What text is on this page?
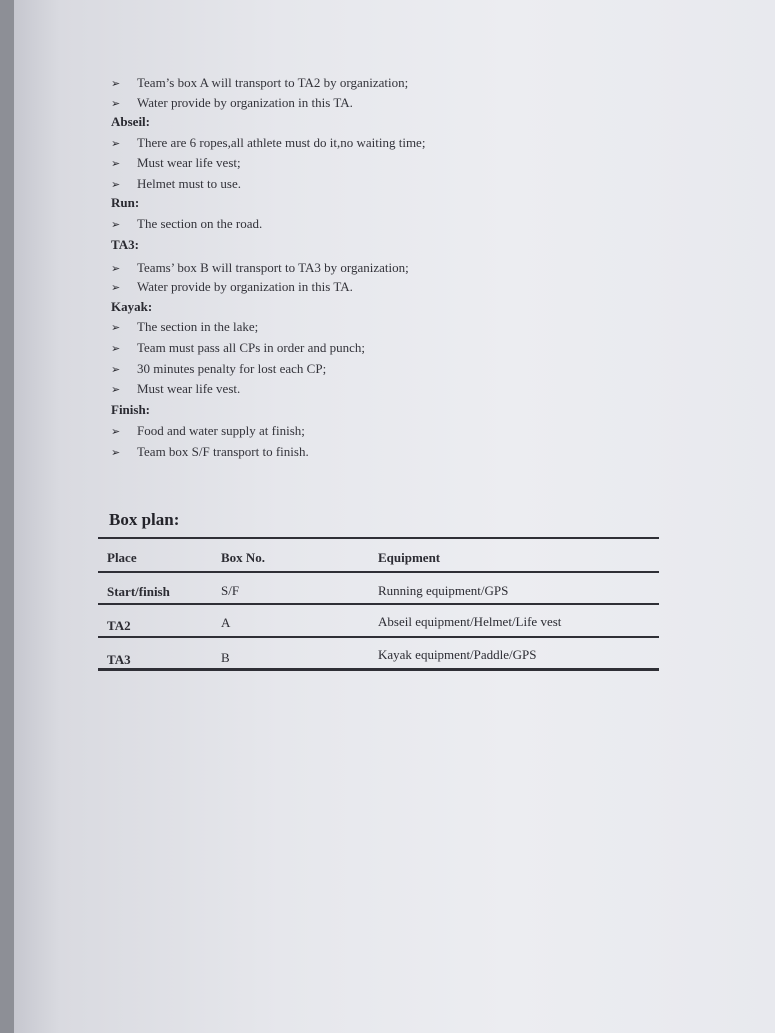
➢ Team’s box A will transport to TA2 by organization;
➢ Water provide by organization in this TA.
Abseil:
➢ There are 6 ropes,all athlete must do it,no waiting time;
➢ Must wear life vest;
➢ Helmet must to use.
Run:
➢ The section on the road.
TA3:
➢ Teams’ box B will transport to TA3 by organization;
➢ Water provide by organization in this TA.
Kayak:
➢ The section in the lake;
➢ Team must pass all CPs in order and punch;
➢ 30 minutes penalty for lost each CP;
➢ Must wear life vest.
Finish:
➢ Food and water supply at finish;
➢ Team box S/F transport to finish.
Box plan:
Place	Box No.	Equipment
Start/finish	S/F	Running equipment/GPS
TA2	A	Abseil equipment/Helmet/Life vest
TA3	B	Kayak equipment/Paddle/GPS
